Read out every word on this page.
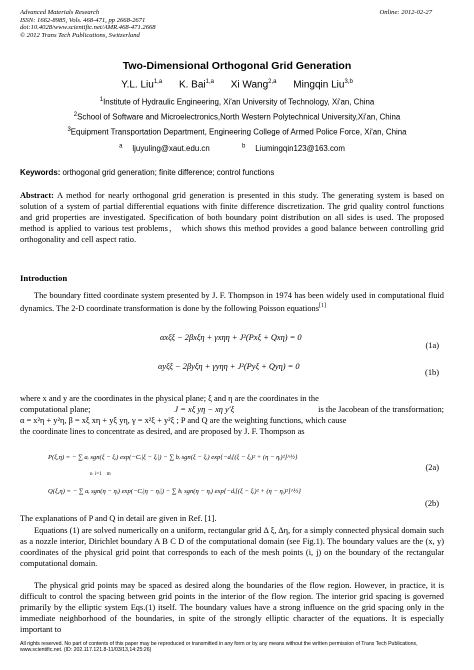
Advanced Materials Research
ISSN: 1662-8985, Vols. 468-471, pp 2668-2671
doi:10.4028/www.scientific.net/AMR.468-471.2668
© 2012 Trans Tech Publications, Switzerland
Online: 2012-02-27
Two-Dimensional Orthogonal Grid Generation
Y.L. Liu$^{1,a}$ K. Bai$^{1,a}$ Xi Wang$^{2,a}$ Mingqin Liu$^{3,b}$
$^1$Institute of Hydraulic Engineering, Xi'an University of Technology, Xi'an, China
$^2$School of Software and Microelectronics,North Western Polytechnical University,Xi'an, China
$^3$Equipment Transportation Department, Engineering College of Armed Police Force, Xi'an, China
$^a$ ljuyuling@xaut.edu.cn	$^b$ Liumingqin123@163.com
Keywords: orthogonal grid generation; finite difference; control functions
Abstract: A method for nearly orthogonal grid generation is presented in this study. The generating system is based on solution of a system of partial differential equations with finite difference discretization. The grid quality control functions and grid properties are investigated. Specification of both boundary point distribution on all sides is used. The proposed method is applied to various test problems， which shows this method provides a good balance between controlling grid orthogonality and cell aspect ratio.
Introduction
The boundary fitted coordinate system presented by J. F. Thompson in 1974 has been widely used in computational fluid dynamics. The 2-D coordinate transformation is done by the following Poisson equations[1]
αxξξ − 2βxξη + γxηη + J²(Pxξ + Qxη) = 0
(1a)
αyξξ − 2βyξη + γyηη + J²(Pyξ + Qyη) = 0
(1b)
where x and y are the coordinates in the physical plane; ξ and η are the coordinates in the
computational plane;	J = xξ yη − xη y′ξ	is the Jacobean of the transformation;
α = x²η + y²η, β = xξ xη + yξ yη, γ = x²ξ + y²ξ ; P and Q are the weighting functions, which cause
the coordinate lines to concentrate as desired, and are proposed by J. F. Thompson as
P(ξ,η) = − ∑ aᵢ sgn(ξ − ξᵢ) exp(−Cᵢ|ξ − ξᵢ|) − ∑ bᵢ sgn(ξ − ξᵢ) exp{−dᵢ[(ξ − ξᵢ)² + (η − ηᵢ)²]^½}
(2a)
Q(ξ,η) = − ∑ aᵢ sgn(η − ηᵢ) exp(−Cᵢ|η − ηᵢ|) − ∑ bᵢ sgn(η − ηᵢ) exp{−dᵢ[(ξ − ξᵢ)² + (η − ηᵢ)²]^½}
(2b)
n i=1 m
The explanations of P and Q in detail are given in Ref. [1].
Equations (1) are solved numerically on a uniform, rectangular grid Δ ξ, Δη, for a simply connected physical domain such as a nozzle interior, Dirichlet boundary A B C D of the computational domain (see Fig.1). The boundary values are the (x, y) coordinates of the physical grid point that corresponds to each of the mesh points (i, j) on the boundary of the rectangular computational domain.
The physical grid points may be spaced as desired along the boundaries of the flow region. However, in practice, it is difficult to control the spacing between grid points in the interior of the flow region. The interior grid spacing is governed primarily by the elliptic system Eqs.(1) itself. The boundary values have a strong influence on the grid spacing only in the immediate neighborhood of the boundaries, in spite of the strongly elliptic character of the equations. It is especially important to
All rights reserved. No part of contents of this paper may be reproduced or transmitted in any form or by any means without the written permission of Trans Tech Publications, www.scientific.net. (ID: 202.117.121.8-11/03/13,14:25:26)
